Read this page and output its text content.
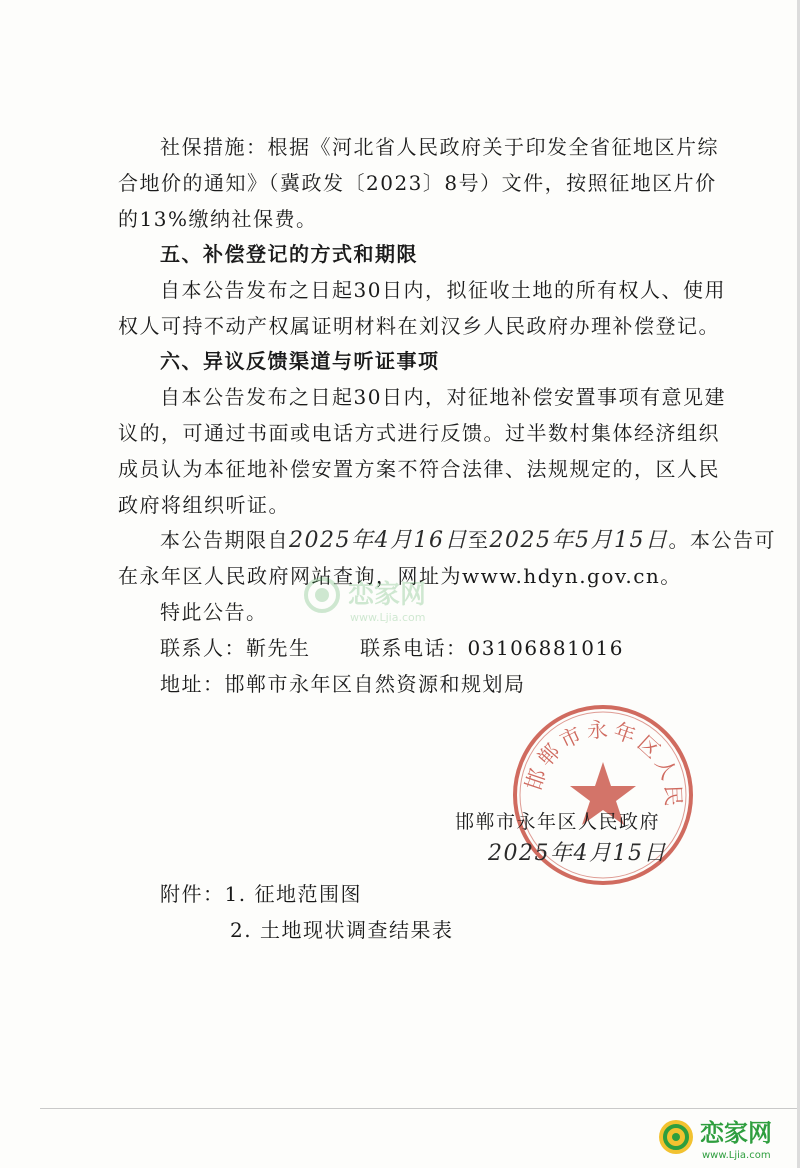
社保措施：根据《河北省人民政府关于印发全省征地区片综
合地价的通知》（冀政发〔2023〕8号）文件，按照征地区片价
的13%缴纳社保费。
五、补偿登记的方式和期限
自本公告发布之日起30日内，拟征收土地的所有权人、使用
权人可持不动产权属证明材料在刘汉乡人民政府办理补偿登记。
六、异议反馈渠道与听证事项
自本公告发布之日起30日内，对征地补偿安置事项有意见建
议的，可通过书面或电话方式进行反馈。过半数村集体经济组织
成员认为本征地补偿安置方案不符合法律、法规规定的，区人民
政府将组织听证。
本公告期限自2025年4月16日至2025年5月15日。本公告可
在永年区人民政府网站查询，网址为www.hdyn.gov.cn。
恋家网
www.Ljia.com
特此公告。
联系人：靳先生 联系电话：03106881016
地址：邯郸市永年区自然资源和规划局
邯郸市永年区人民
邯郸市永年区人民政府
2025年4月15日
附件：1. 征地范围图
2. 土地现状调查结果表
恋家网
www.Ljia.com
